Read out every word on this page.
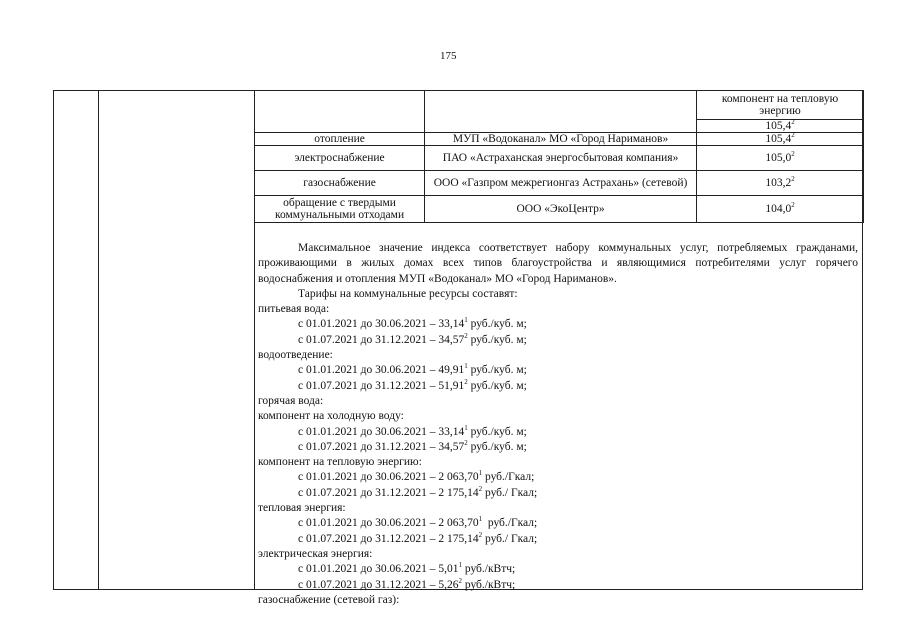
175
		компонент на тепловую энергию
		105,4$^2$
отопление	МУП «Водоканал» МО «Город Нариманов»	105,4$^2$
электроснабжение	ПАО «Астраханская энергосбытовая компания»	105,0$^2$
газоснабжение	ООО «Газпром межрегионгаз Астрахань» (сетевой)	103,2$^2$
обращение с твердыми коммунальными отходами	ООО «ЭкоЦентр»	104,0$^2$

Максимальное значение индекса соответствует набору коммунальных услуг, потребляемых гражданами, проживающими в жилых домах всех типов благоустройства и являющимися потребителями услуг горячего водоснабжения и отопления МУП «Водоканал» МО «Город Нариманов».

Тарифы на коммунальные ресурсы составят:

питьевая вода:

с 01.01.2021 до 30.06.2021 – 33,14$^1$ руб./куб. м;

с 01.07.2021 до 31.12.2021 – 34,57$^2$ руб./куб. м;

водоотведение:

с 01.01.2021 до 30.06.2021 – 49,91$^1$ руб./куб. м;

с 01.07.2021 до 31.12.2021 – 51,91$^2$ руб./куб. м;

горячая вода:

компонент на холодную воду:

с 01.01.2021 до 30.06.2021 – 33,14$^1$ руб./куб. м;

с 01.07.2021 до 31.12.2021 – 34,57$^2$ руб./куб. м;

компонент на тепловую энергию:

с 01.01.2021 до 30.06.2021 – 2 063,70$^1$ руб./Гкал;

с 01.07.2021 до 31.12.2021 – 2 175,14$^2$ руб./ Гкал;

тепловая энергия:

с 01.01.2021 до 30.06.2021 – 2 063,70$^1$  руб./Гкал;

с 01.07.2021 до 31.12.2021 – 2 175,14$^2$ руб./ Гкал;

электрическая энергия:

с 01.01.2021 до 30.06.2021 – 5,01$^1$ руб./кВтч;

с 01.07.2021 до 31.12.2021 – 5,26$^2$ руб./кВтч;

газоснабжение (сетевой газ):
